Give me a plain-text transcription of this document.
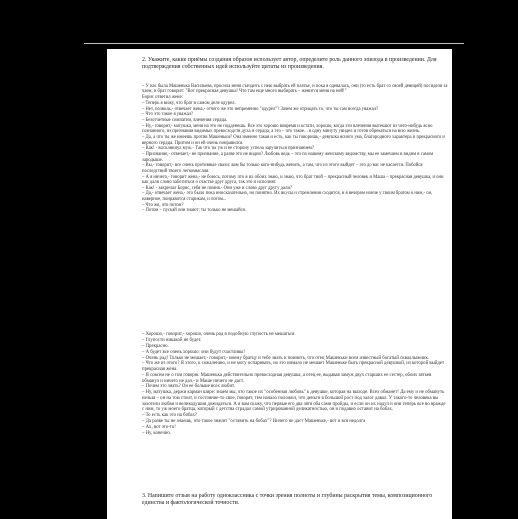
2. Укажите, какие приёмы создания образов использует автор, определите роль данного эпизода в произведении. Для подтверждения собственных идей используйте цитаты из произведения.

– У нас была Машенька Васильева, просила меня съездить с нею выбрать ей платье, и пока я одевалась, они (то есть брат со своей девицей) посидели за чаем, и брат говорит: "Вот прекрасная девушка! Что там еще много выбирать – женится меня на ней!"

Борис ответил жене:

– Теперь я вижу, что брат в самом деле одурел.

– Нет, позволь,- отвечает жена,- отчего же это непременно "одурел"? Зачем же отрицать то, что ты сам всегда уважал?

– Что это такое я уважал?

– Безотчетные симпатии, влечения сердца.

– Ну,- говорит,- матушка, меня на это не подденешь. Все это хорошо вовремя и кстати, хорошо, когда эти влечения вытекают из чего-нибудь ясно сознанного, из признания видимых превосходств духа и сердца, а это – что такое... в одну минуту увидел и готов обрекаться на всю жизнь.

– Да, а что ты же имеешь против Машеньки? Она именно такая и есть, как ты говоришь,- девушка ясного ума, благородного характера и прекрасного и верного сердца. Притом и он ей очень понравился.

– Как! - воскликнул муж.- Так что ты уж и ее сторону успела заручиться признанием?

– Признание,- отвечает,- не признание, а разве это не видно? Любовь ведь – это по нашему женскому ведомству, мы ее замечаем и видим в самом зародыше.

– Вы,- говорит,- все очень противные свахи: вам бы только кого-нибудь женить, а там, что из этого выйдет – это до вас не касается. Побойся последствий твоего легкомыслия.

– А я ничего,- говорит жена,- не боюсь, потому что я их обоих знаю, и знаю, что брат твой – прекрасный человек и Маша – прекрасная девушка, и они как дали слово заботиться о счастье друг друга, так это и исполнят.

– Как! - закричал Борис, себя не помня.- Они уже и слово друг другу дали?

– Да,- отвечает жена,- это было пока иносказательно, но понятно. Их вкусы и стремления сходятся, и я вечером нонче у твоим братом к ним,- он, наверное, понравится старикам, и потом...

– Что же, что потом?

– Потом – пускай они знают; ты только не мешайся.

– Хорошо,- говорит,- хорошо, очень рад в подобную глупость не мешаться.

– Глупости никакой не будет.

– Прекрасно.

– А будет все очень хорошо: они будут счастливы!

– Очень рад! Только не мешает,- говорит,- моему братцу и тебе знать и помнить, что отец Машеньки всем известный богатый скваллыжник.

– Что же из этого? Я этого, к сожалению, и не могу оспаривать, но это нимало не мешает Машеньке быть прекрасной девушкой, из которой выйдет прекрасная жена.

– Я совсем не о том говорю. Машенька действительно превосходная девушка, а отец ее, выдавая замуж двух старших ее сестер, обоих зятьев обманул и ничего не дал,- и Маше ничего не даст.

– Почем это знать? Он ее больше всех любит.

– Ну, матушка, держи карман шире: знаем мы, что такое их "особенная любовь" к девушке, которая на выходе. Всех обманет! Да ему и не обмануть нельзя – он на том стоит, и состояние-то свое, говорят, тем начало положил, что деньги в большой рост под залог давал. У такого-то человека вы захотели любви и великодушия дожидаться. А я вам скажу, что первые его два зятя оба сами пройды, и если он их надул и они теперь все во вражде с ним, то уж моего братца, который с детства страдал самой утрированной деликатностью, он и подавно оставит на бобах.

– То есть как это на бобах?

– Да разве ты не знаешь, что такое значит "оставить на бобах"? Ничего не даст Машеньке,- вот и вся недолга

– Ах, вот это-то!

– Ну, конечно.

3. Напишите отзыв на работу одноклассника с точки зрения полноты и глубины раскрытия темы, композиционного единства и фактологической точности.
